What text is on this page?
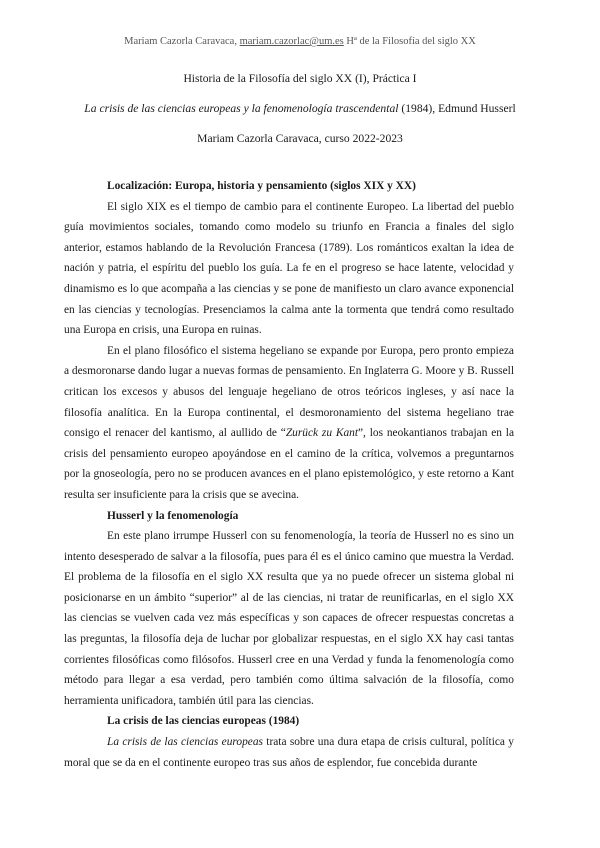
Mariam Cazorla Caravaca, mariam.cazorlac@um.es Hª de la Filosofía del siglo XX
Historia de la Filosofía del siglo XX (I), Práctica I
La crisis de las ciencias europeas y la fenomenología trascendental (1984), Edmund Husserl
Mariam Cazorla Caravaca, curso 2022-2023
Localización: Europa, historia y pensamiento (siglos XIX y XX)

El siglo XIX es el tiempo de cambio para el continente Europeo. La libertad del pueblo guía movimientos sociales, tomando como modelo su triunfo en Francia a finales del siglo anterior, estamos hablando de la Revolución Francesa (1789). Los románticos exaltan la idea de nación y patria, el espíritu del pueblo los guía. La fe en el progreso se hace latente, velocidad y dinamismo es lo que acompaña a las ciencias y se pone de manifiesto un claro avance exponencial en las ciencias y tecnologías. Presenciamos la calma ante la tormenta que tendrá como resultado una Europa en crisis, una Europa en ruinas.

En el plano filosófico el sistema hegeliano se expande por Europa, pero pronto empieza a desmoronarse dando lugar a nuevas formas de pensamiento. En Inglaterra G. Moore y B. Russell critican los excesos y abusos del lenguaje hegeliano de otros teóricos ingleses, y así nace la filosofía analítica. En la Europa continental, el desmoronamiento del sistema hegeliano trae consigo el renacer del kantismo, al aullido de “Zurück zu Kant”, los neokantianos trabajan en la crisis del pensamiento europeo apoyándose en el camino de la crítica, volvemos a preguntarnos por la gnoseología, pero no se producen avances en el plano epistemológico, y este retorno a Kant resulta ser insuficiente para la crisis que se avecina.

Husserl y la fenomenología

En este plano irrumpe Husserl con su fenomenología, la teoría de Husserl no es sino un intento desesperado de salvar a la filosofía, pues para él es el único camino que muestra la Verdad. El problema de la filosofía en el siglo XX resulta que ya no puede ofrecer un sistema global ni posicionarse en un ámbito “superior” al de las ciencias, ni tratar de reunificarlas, en el siglo XX las ciencias se vuelven cada vez más específicas y son capaces de ofrecer respuestas concretas a las preguntas, la filosofía deja de luchar por globalizar respuestas, en el siglo XX hay casi tantas corrientes filosóficas como filósofos. Husserl cree en una Verdad y funda la fenomenología como método para llegar a esa verdad, pero también como última salvación de la filosofía, como herramienta unificadora, también útil para las ciencias.

La crisis de las ciencias europeas (1984)

La crisis de las ciencias europeas trata sobre una dura etapa de crisis cultural, política y moral que se da en el continente europeo tras sus años de esplendor, fue concebida durante
